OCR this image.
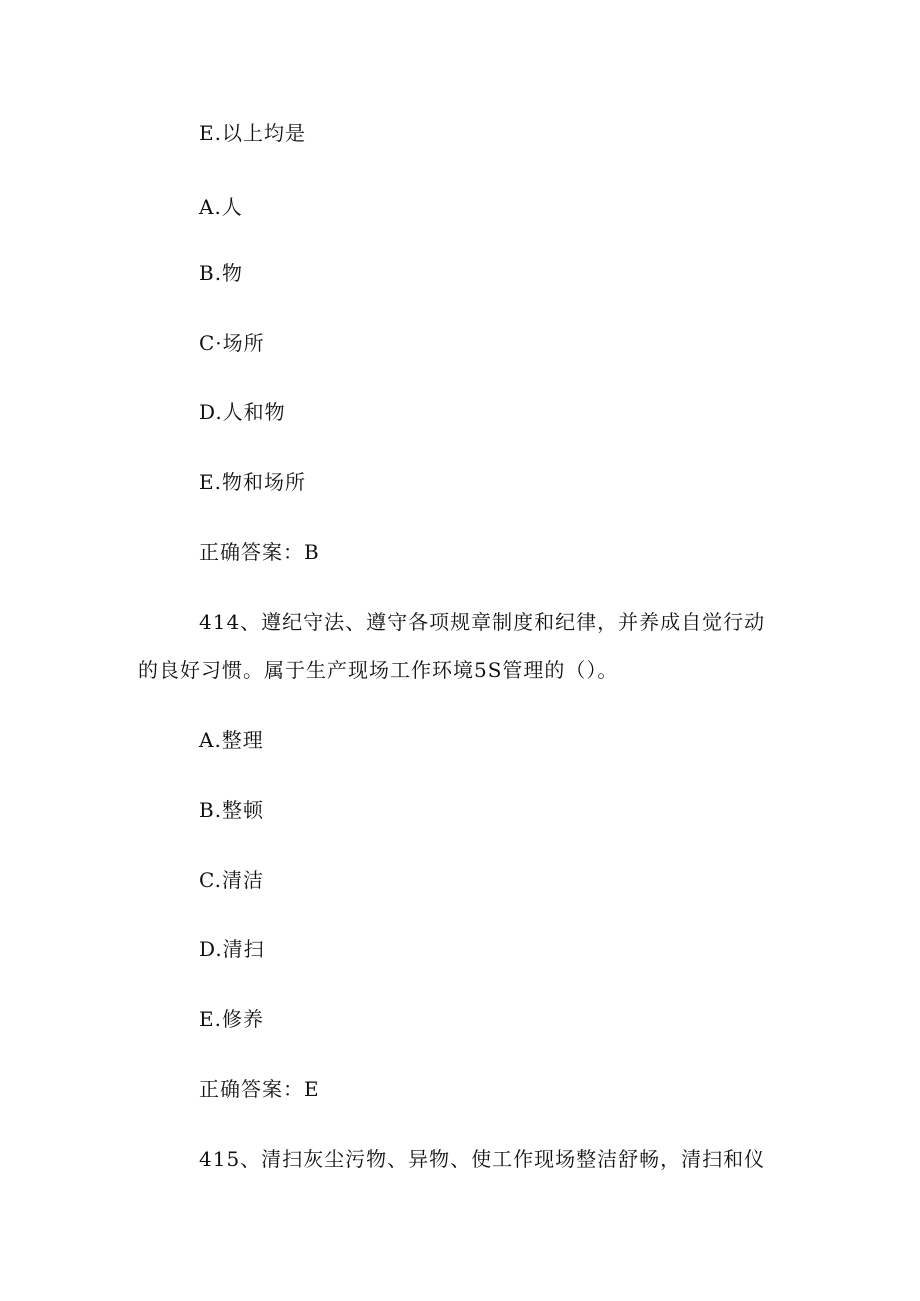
E.以上均是
A.人
B.物
C·场所
D.人和物
E.物和场所
正确答案：B
414、遵纪守法、遵守各项规章制度和纪律，并养成自觉行动
的良好习惯。属于生产现场工作环境5S管理的（）。
A.整理
B.整顿
C.清洁
D.清扫
E.修养
正确答案：E
415、清扫灰尘污物、异物、使工作现场整洁舒畅，清扫和仪
